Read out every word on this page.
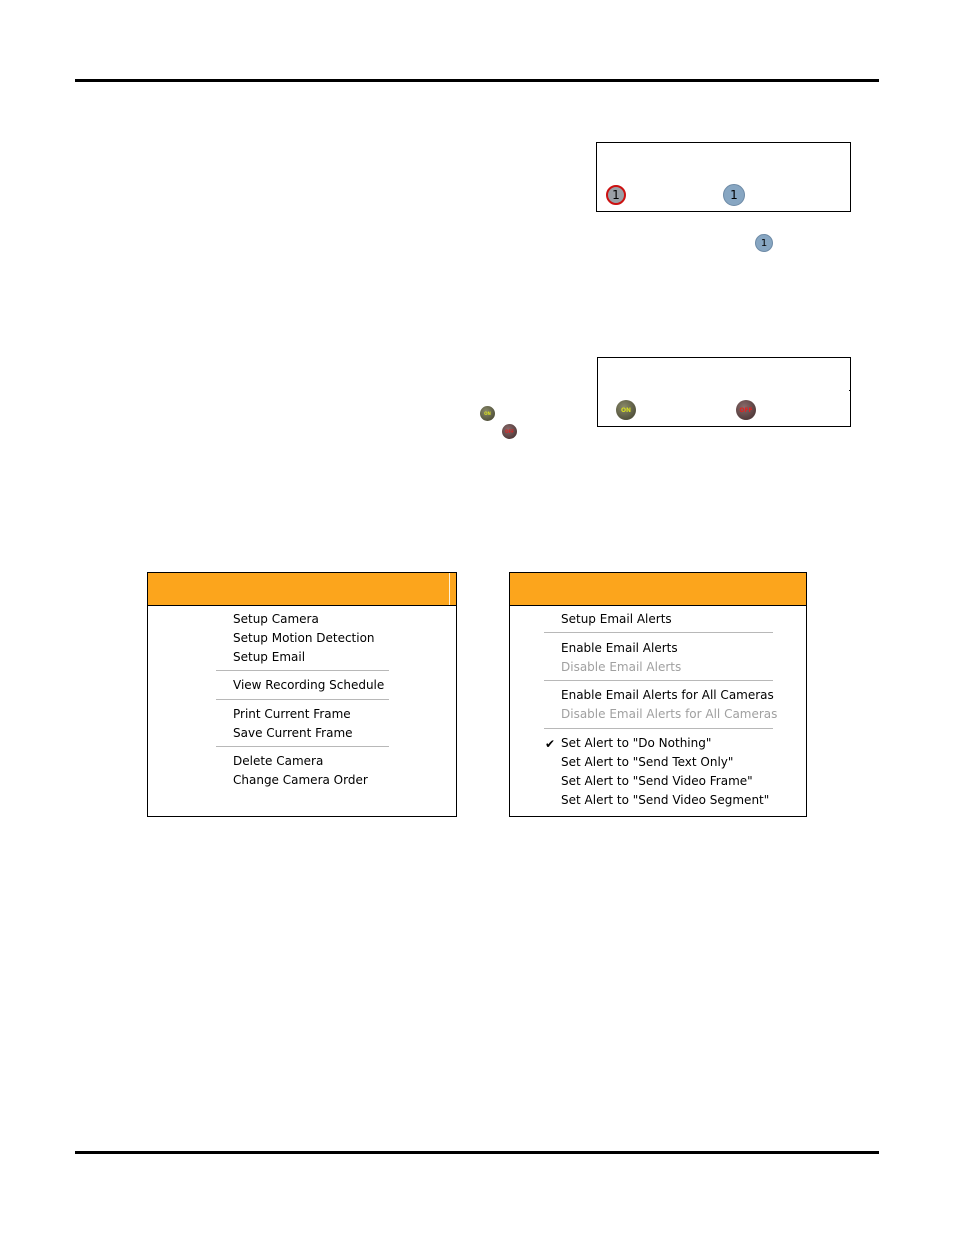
1	1
1
ON	OFF
ON
OFF
Setup Camera
Setup Motion Detection
Setup Email
View Recording Schedule
Print Current Frame
Save Current Frame
Delete Camera
Change Camera Order
Setup Email Alerts
Enable Email Alerts
Disable Email Alerts
Enable Email Alerts for All Cameras
Disable Email Alerts for All Cameras
✔ Set Alert to "Do Nothing"
Set Alert to "Send Text Only"
Set Alert to "Send Video Frame"
Set Alert to "Send Video Segment"
